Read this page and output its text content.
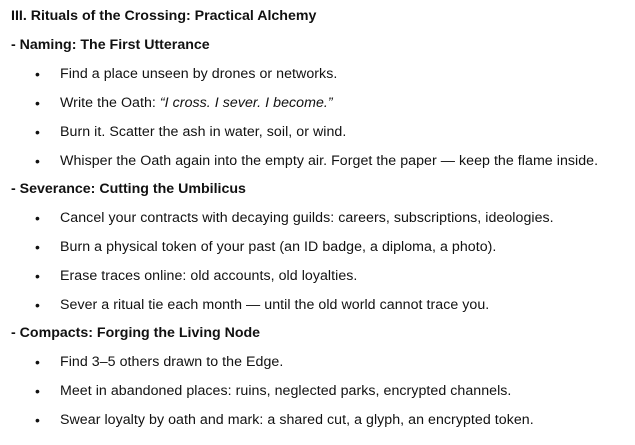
III. Rituals of the Crossing: Practical Alchemy
- Naming: The First Utterance
• Find a place unseen by drones or networks.
• Write the Oath: “I cross. I sever. I become.”
• Burn it. Scatter the ash in water, soil, or wind.
• Whisper the Oath again into the empty air. Forget the paper — keep the flame inside.
- Severance: Cutting the Umbilicus
• Cancel your contracts with decaying guilds: careers, subscriptions, ideologies.
• Burn a physical token of your past (an ID badge, a diploma, a photo).
• Erase traces online: old accounts, old loyalties.
• Sever a ritual tie each month — until the old world cannot trace you.
- Compacts: Forging the Living Node
• Find 3–5 others drawn to the Edge.
• Meet in abandoned places: ruins, neglected parks, encrypted channels.
• Swear loyalty by oath and mark: a shared cut, a glyph, an encrypted token.
